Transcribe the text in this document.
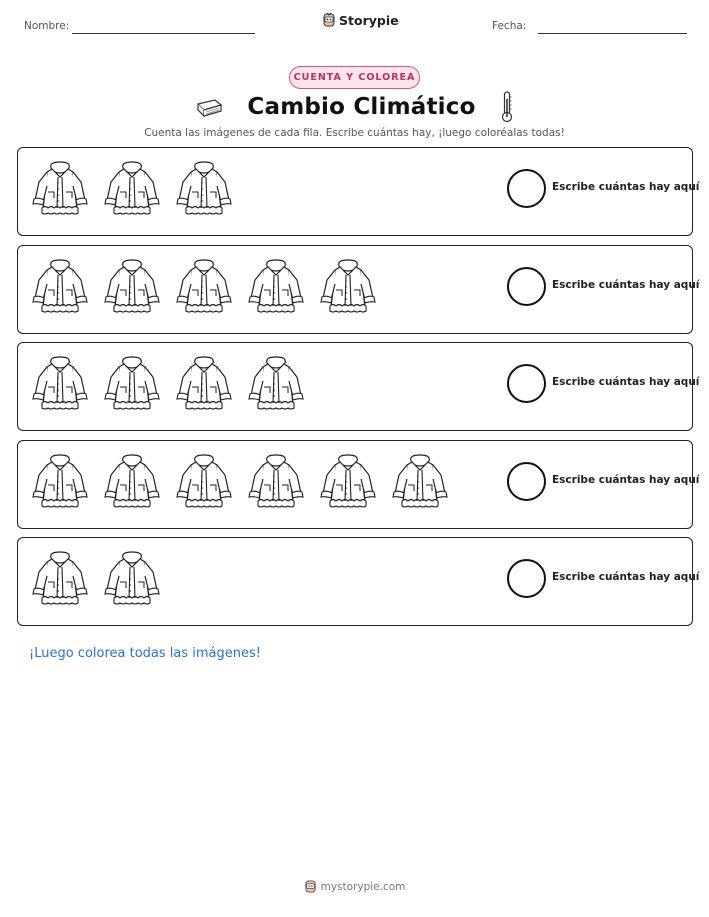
Nombre:	Storypie	Fecha:
CUENTA Y COLOREA
Cambio Climático
Cuenta las imágenes de cada fila. Escribe cuántas hay, ¡luego coloréalas todas!
Escribe cuántas hay aquí
Escribe cuántas hay aquí
Escribe cuántas hay aquí
Escribe cuántas hay aquí
Escribe cuántas hay aquí
¡Luego colorea todas las imágenes!
mystorypie.com
